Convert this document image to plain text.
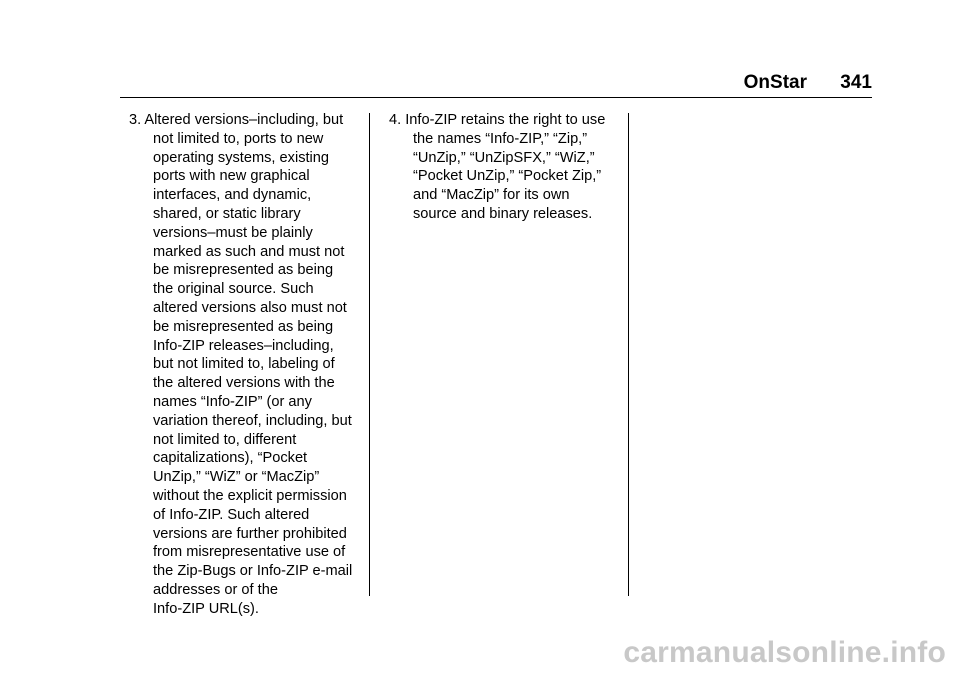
OnStar 341
3. Altered versions–including, but
not limited to, ports to new
operating systems, existing
ports with new graphical
interfaces, and dynamic,
shared, or static library
versions–must be plainly
marked as such and must not
be misrepresented as being
the original source. Such
altered versions also must not
be misrepresented as being
Info-ZIP releases–including,
but not limited to, labeling of
the altered versions with the
names “Info-ZIP” (or any
variation thereof, including, but
not limited to, different
capitalizations), “Pocket
UnZip,” “WiZ” or “MacZip”
without the explicit permission
of Info-ZIP. Such altered
versions are further prohibited
from misrepresentative use of
the Zip-Bugs or Info-ZIP e-mail
addresses or of the
Info-ZIP URL(s).
4. Info-ZIP retains the right to use
the names “Info-ZIP,” “Zip,”
“UnZip,” “UnZipSFX,” “WiZ,”
“Pocket UnZip,” “Pocket Zip,”
and “MacZip” for its own
source and binary releases.
carmanualsonline.info
